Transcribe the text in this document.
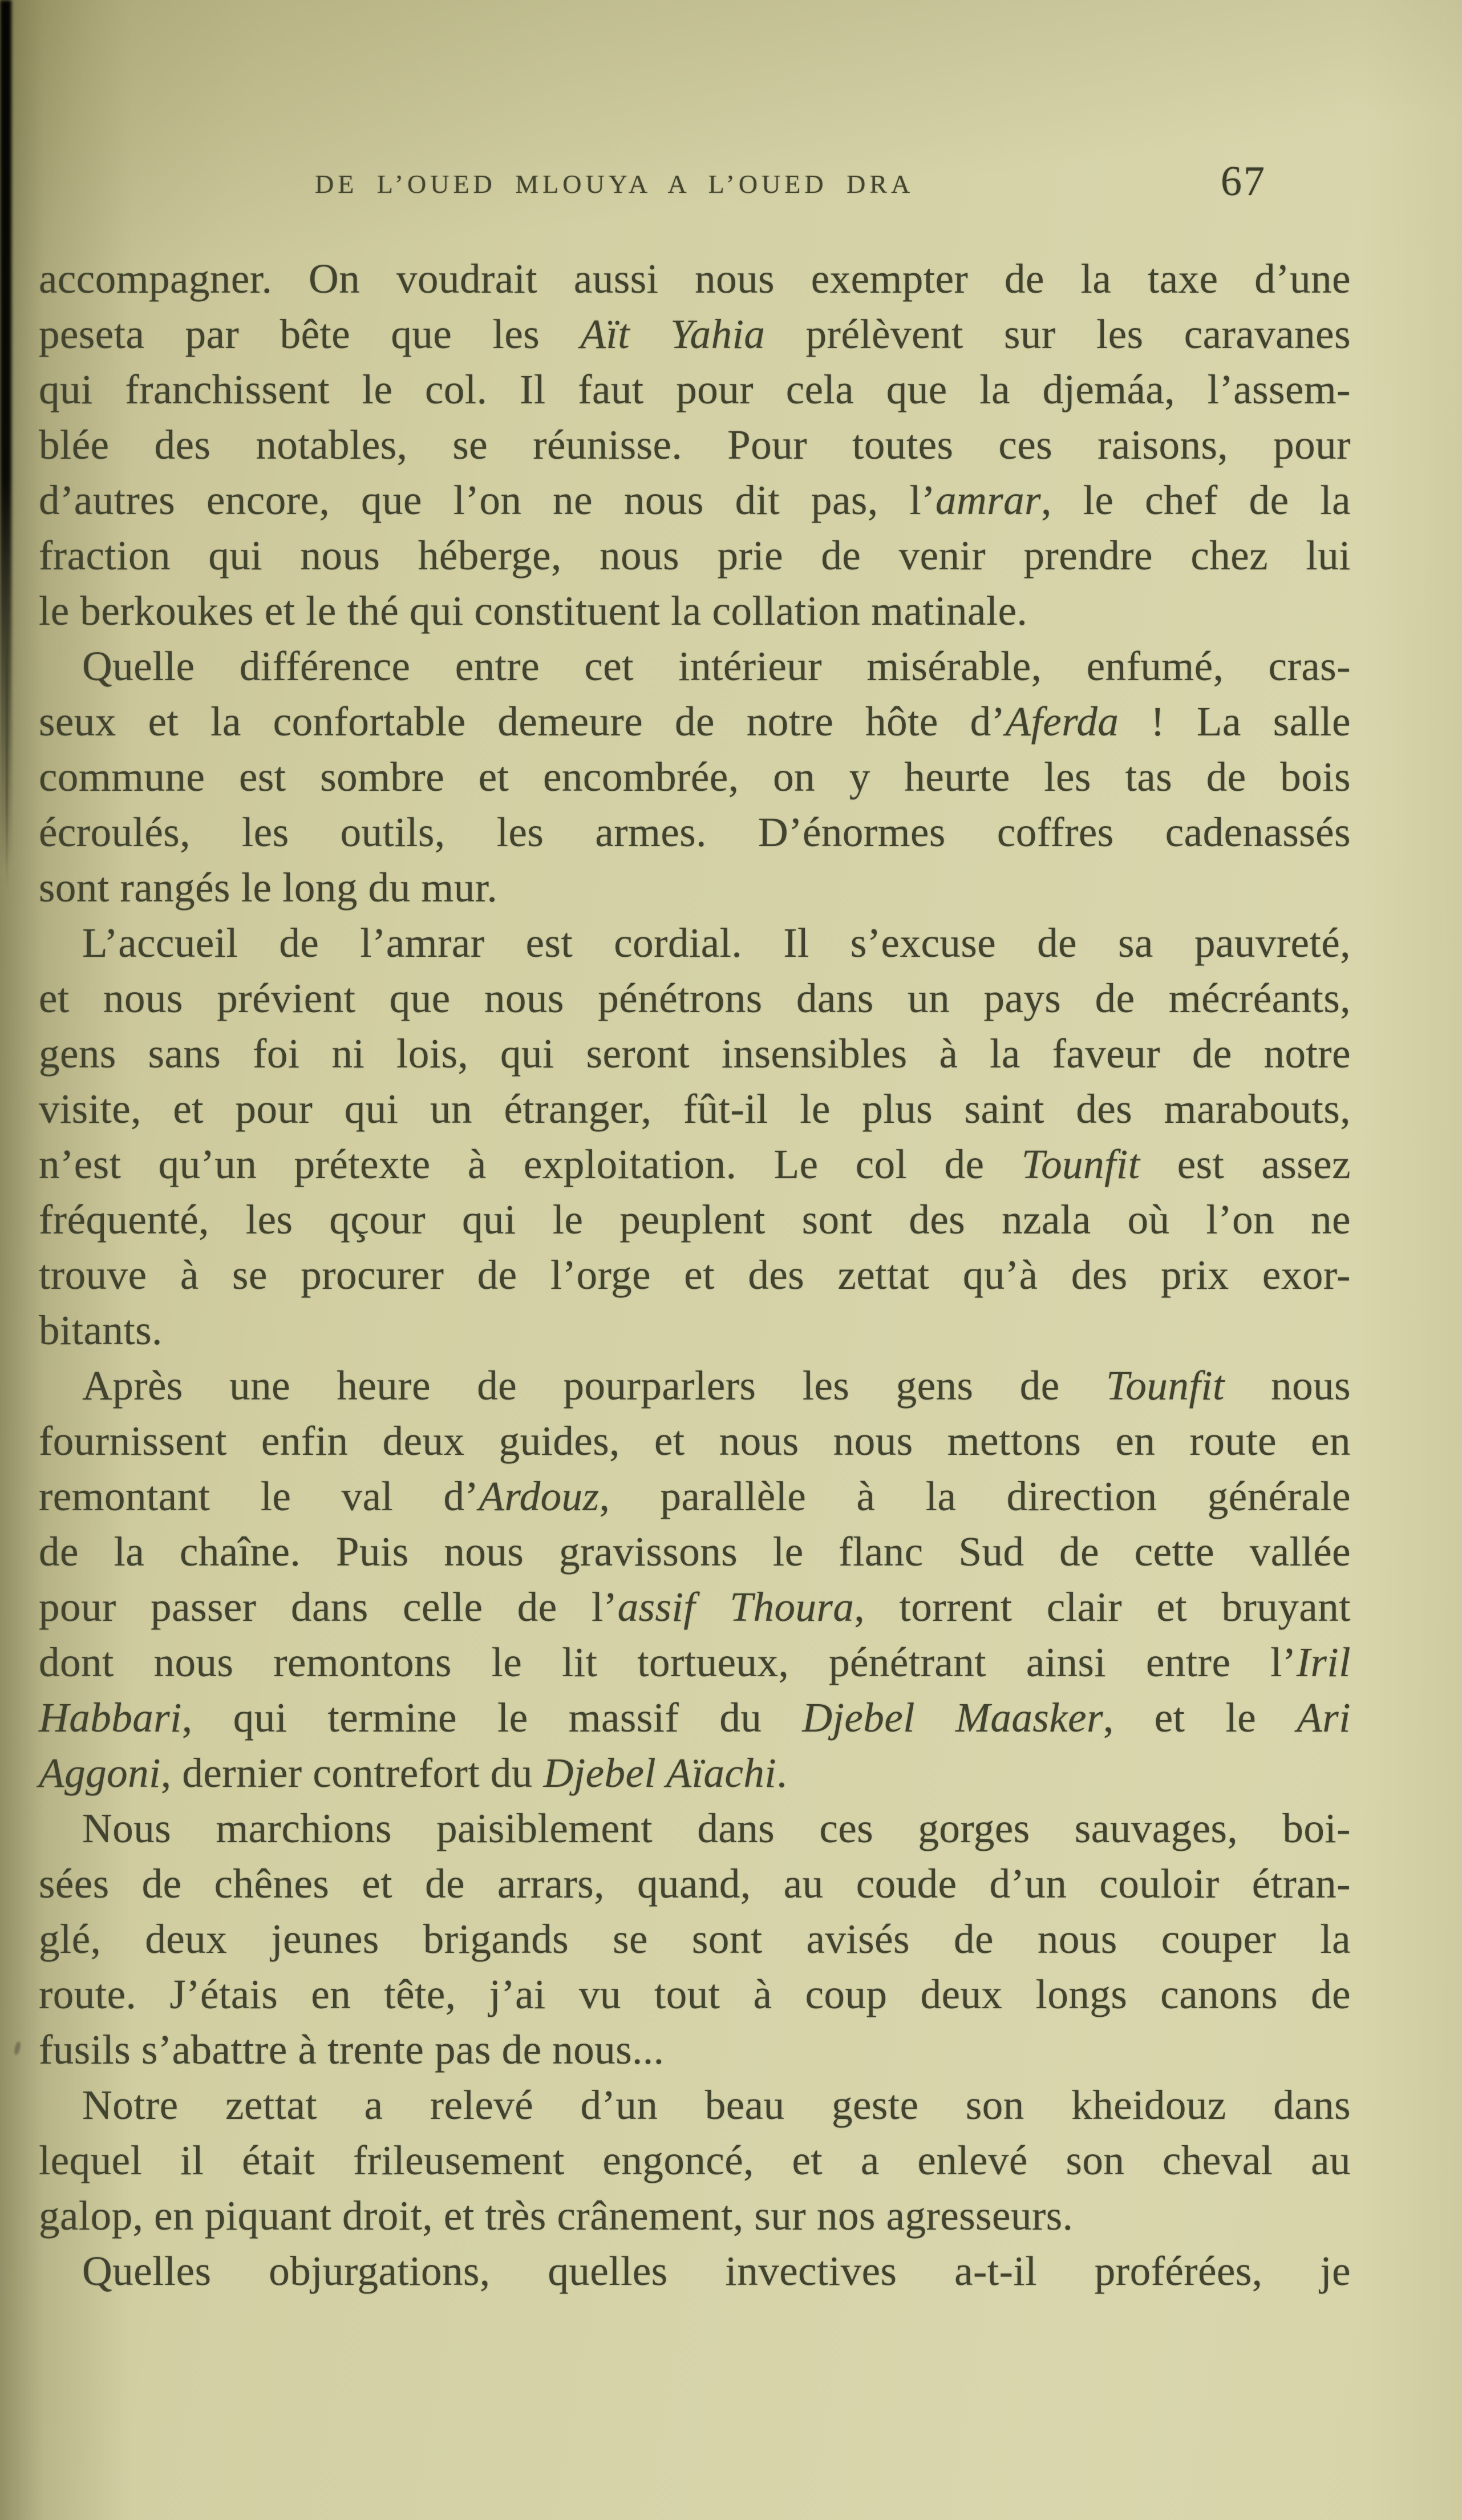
DE L’OUED MLOUYA A L’OUED DRA	67
accompagner. On voudrait aussi nous exempter de la taxe d’une
peseta par bête que les Aït Yahia prélèvent sur les caravanes
qui franchissent le col. Il faut pour cela que la djemáa, l’assem-
blée des notables, se réunisse. Pour toutes ces raisons, pour
d’autres encore, que l’on ne nous dit pas, l’amrar, le chef de la
fraction qui nous héberge, nous prie de venir prendre chez lui
le berkoukes et le thé qui constituent la collation matinale.
Quelle différence entre cet intérieur misérable, enfumé, cras-
seux et la confortable demeure de notre hôte d’Aferda ! La salle
commune est sombre et encombrée, on y heurte les tas de bois
écroulés, les outils, les armes. D’énormes coffres cadenassés
sont rangés le long du mur.
L’accueil de l’amrar est cordial. Il s’excuse de sa pauvreté,
et nous prévient que nous pénétrons dans un pays de mécréants,
gens sans foi ni lois, qui seront insensibles à la faveur de notre
visite, et pour qui un étranger, fût-il le plus saint des marabouts,
n’est qu’un prétexte à exploitation. Le col de Tounfit est assez
fréquenté, les qçour qui le peuplent sont des nzala où l’on ne
trouve à se procurer de l’orge et des zettat qu’à des prix exor-
bitants.
Après une heure de pourparlers les gens de Tounfit nous
fournissent enfin deux guides, et nous nous mettons en route en
remontant le val d’Ardouz, parallèle à la direction générale
de la chaîne. Puis nous gravissons le flanc Sud de cette vallée
pour passer dans celle de l’assif Thoura, torrent clair et bruyant
dont nous remontons le lit tortueux, pénétrant ainsi entre l’Iril
Habbari, qui termine le massif du Djebel Maasker, et le Ari
Aggoni, dernier contrefort du Djebel Aïachi.
Nous marchions paisiblement dans ces gorges sauvages, boi-
sées de chênes et de arrars, quand, au coude d’un couloir étran-
glé, deux jeunes brigands se sont avisés de nous couper la
route. J’étais en tête, j’ai vu tout à coup deux longs canons de
fusils s’abattre à trente pas de nous...
Notre zettat a relevé d’un beau geste son kheidouz dans
lequel il était frileusement engoncé, et a enlevé son cheval au
galop, en piquant droit, et très crânement, sur nos agresseurs.
Quelles objurgations, quelles invectives a-t-il proférées, je
